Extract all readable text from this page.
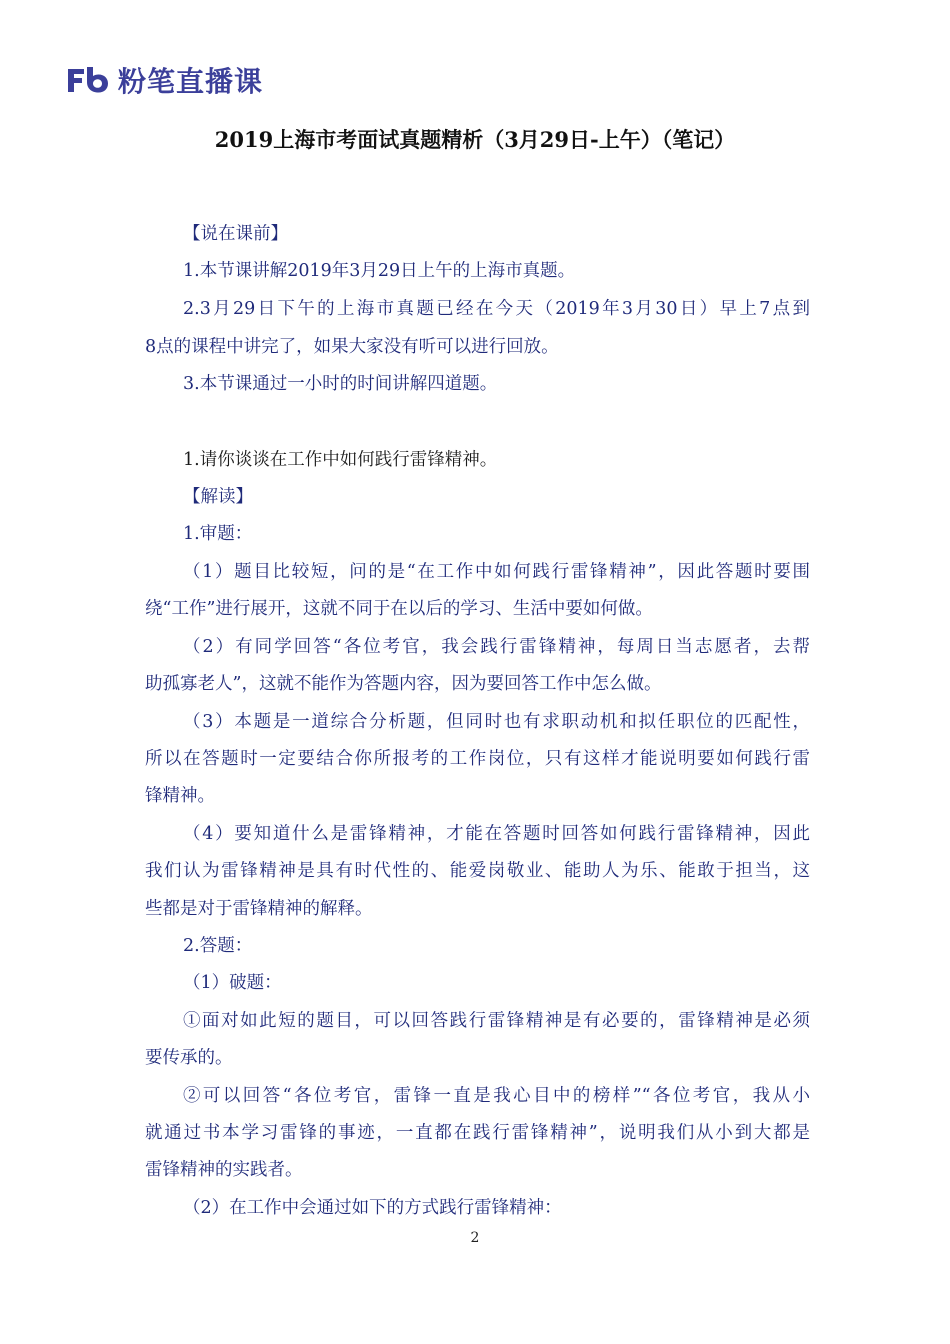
粉笔直播课
2019上海市考面试真题精析（3月29日-上午）（笔记）
【说在课前】
1.本节课讲解2019年3月29日上午的上海市真题。
2.3月29日下午的上海市真题已经在今天（2019年3月30日）早上7点到
8点的课程中讲完了，如果大家没有听可以进行回放。
3.本节课通过一小时的时间讲解四道题。
1.请你谈谈在工作中如何践行雷锋精神。
【解读】
1.审题：
（1）题目比较短，问的是“在工作中如何践行雷锋精神”，因此答题时要围
绕“工作”进行展开，这就不同于在以后的学习、生活中要如何做。
（2）有同学回答“各位考官，我会践行雷锋精神，每周日当志愿者，去帮
助孤寡老人”，这就不能作为答题内容，因为要回答工作中怎么做。
（3）本题是一道综合分析题，但同时也有求职动机和拟任职位的匹配性，
所以在答题时一定要结合你所报考的工作岗位，只有这样才能说明要如何践行雷
锋精神。
（4）要知道什么是雷锋精神，才能在答题时回答如何践行雷锋精神，因此
我们认为雷锋精神是具有时代性的、能爱岗敬业、能助人为乐、能敢于担当，这
些都是对于雷锋精神的解释。
2.答题：
（1）破题：
①面对如此短的题目，可以回答践行雷锋精神是有必要的，雷锋精神是必须
要传承的。
②可以回答“各位考官，雷锋一直是我心目中的榜样”“各位考官，我从小
就通过书本学习雷锋的事迹，一直都在践行雷锋精神”，说明我们从小到大都是
雷锋精神的实践者。
（2）在工作中会通过如下的方式践行雷锋精神：
2
